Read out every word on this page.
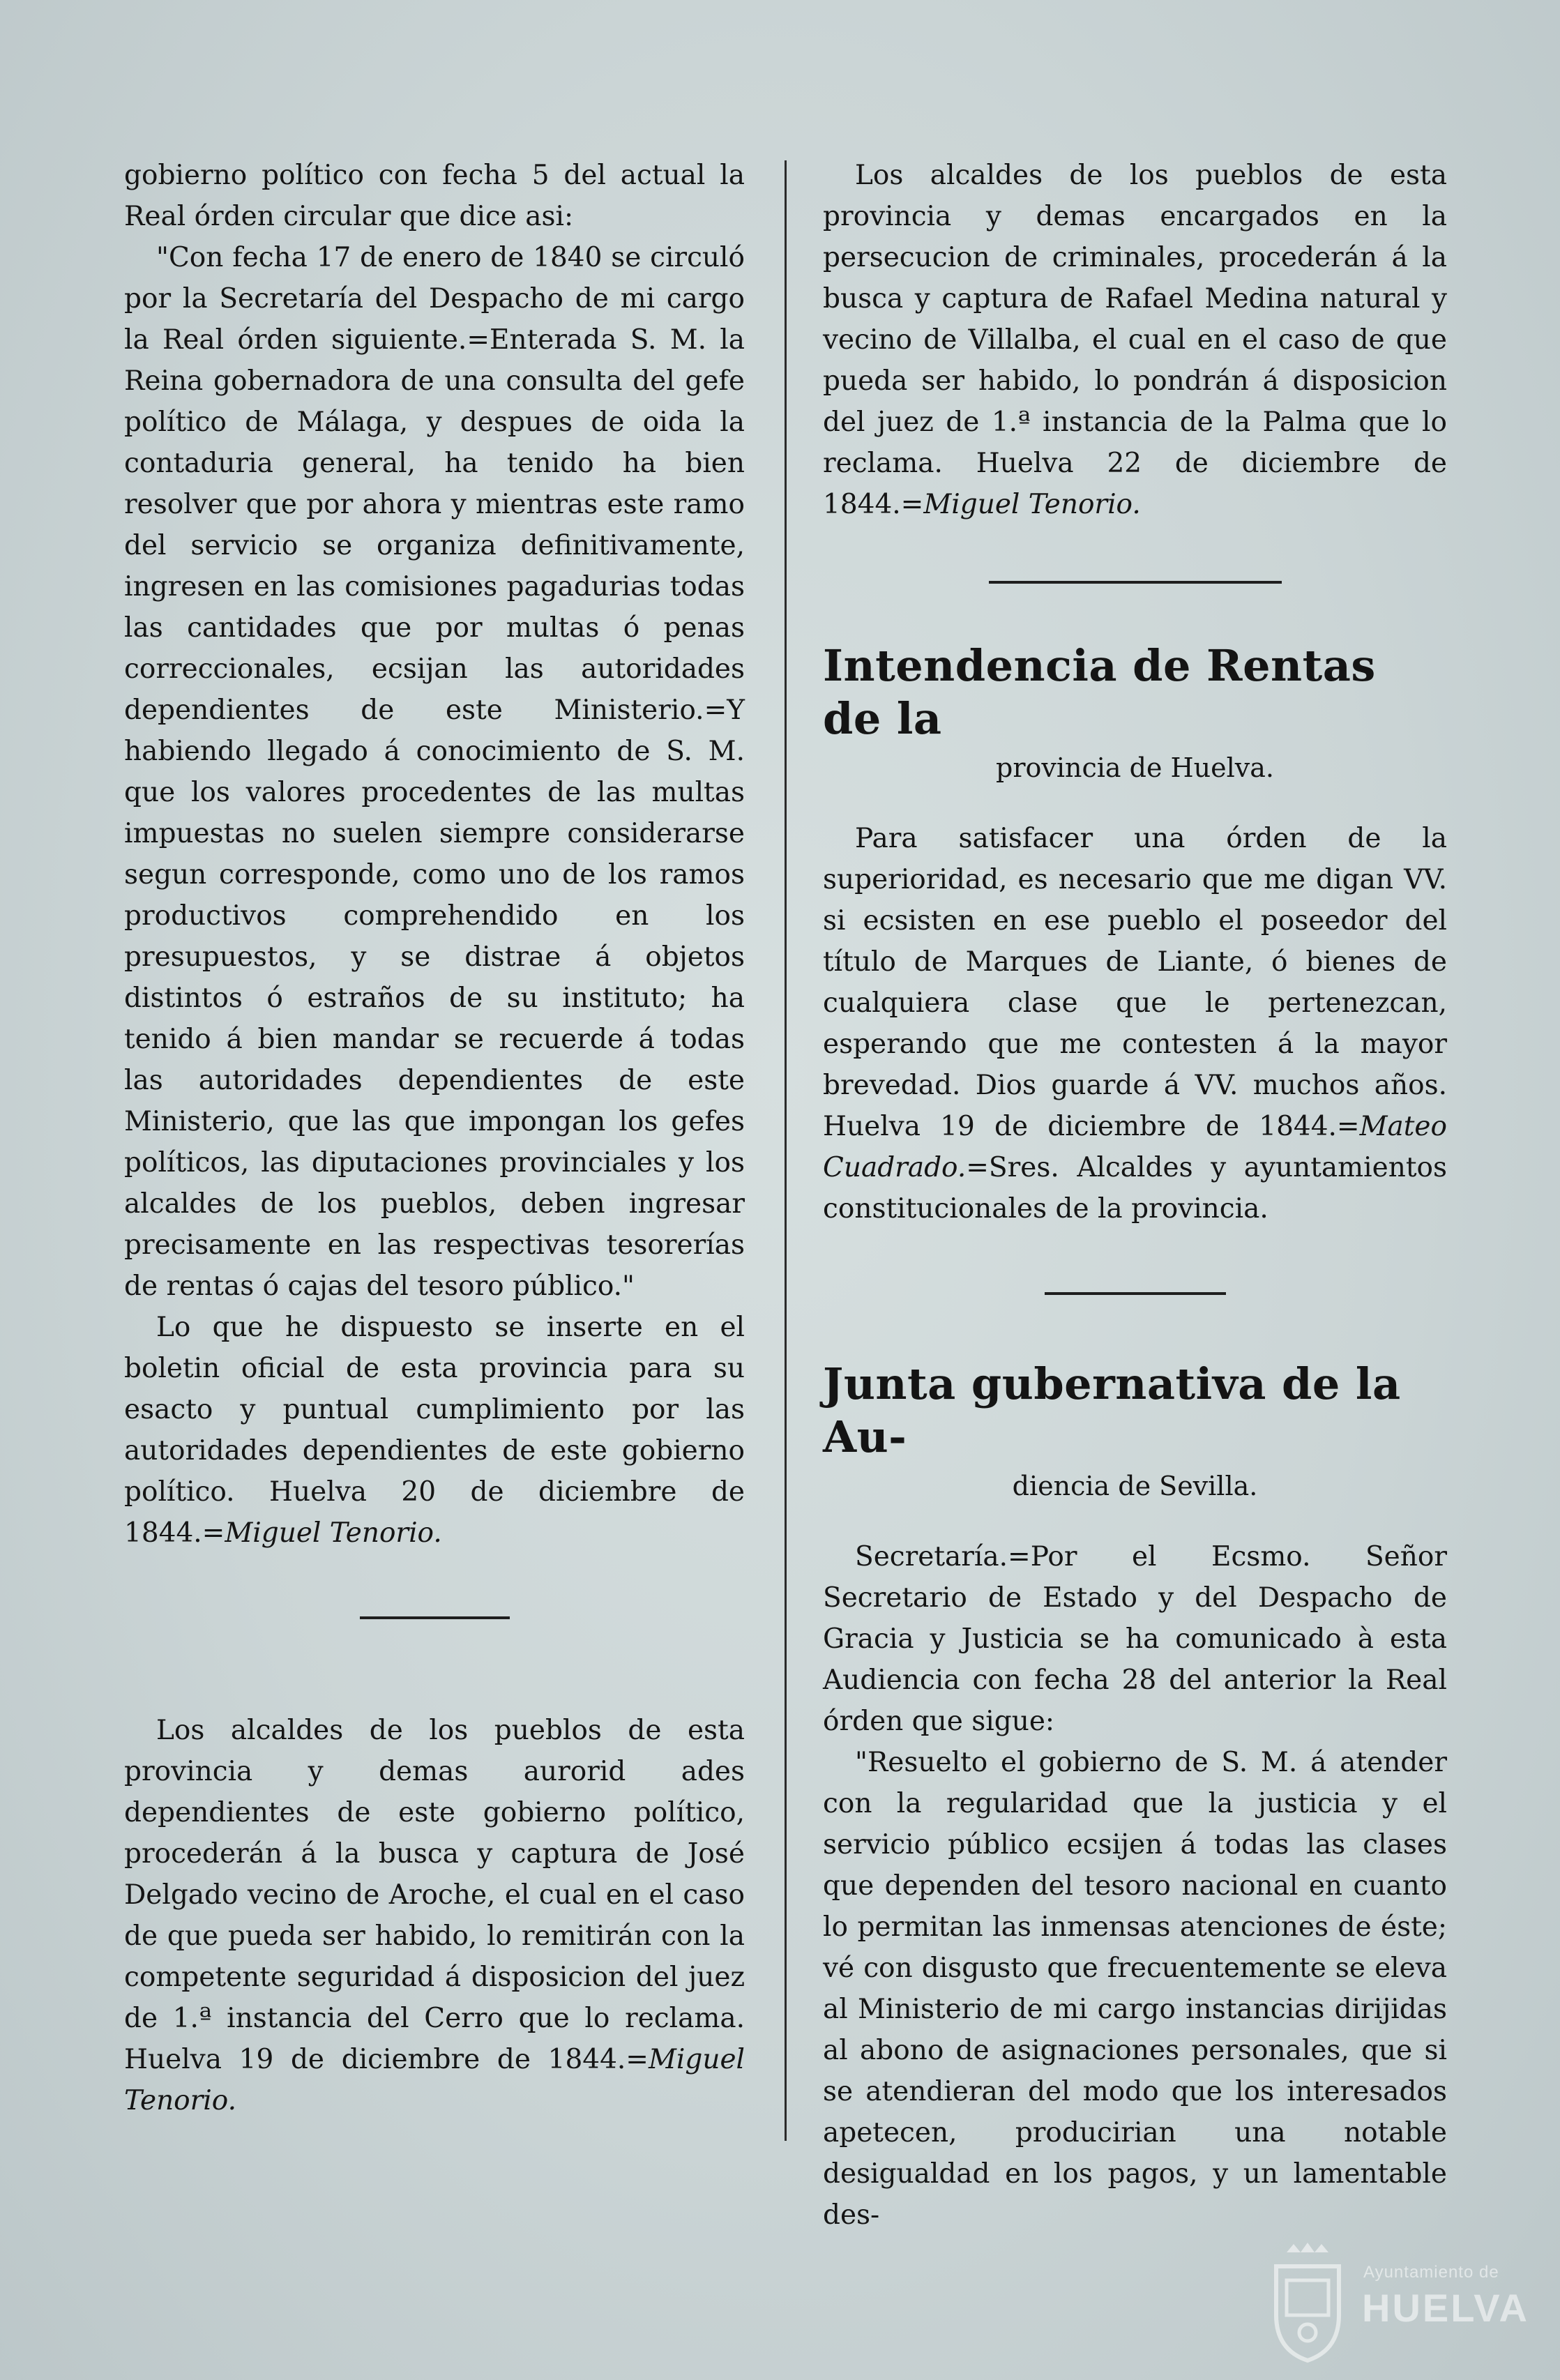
gobierno político con fecha 5 del actual la Real órden circular que dice asi:

"Con fecha 17 de enero de 1840 se circuló por la Secretaría del Despacho de mi cargo la Real órden siguiente.=Enterada S. M. la Reina gobernadora de una consulta del gefe político de Málaga, y despues de oida la contaduria general, ha tenido ha bien resolver que por ahora y mientras este ramo del servicio se organiza definitivamente, ingresen en las comisiones pagadurias todas las cantidades que por multas ó penas correccionales, ecsijan las autoridades dependientes de este Ministerio.=Y habiendo llegado á conocimiento de S. M. que los valores procedentes de las multas impuestas no suelen siempre considerarse segun corresponde, como uno de los ramos productivos comprehendido en los presupuestos, y se distrae á objetos distintos ó estraños de su instituto; ha tenido á bien mandar se recuerde á todas las autoridades dependientes de este Ministerio, que las que impongan los gefes políticos, las diputaciones provinciales y los alcaldes de los pueblos, deben ingresar precisamente en las respectivas tesorerías de rentas ó cajas del tesoro público."

Lo que he dispuesto se inserte en el boletin oficial de esta provincia para su esacto y puntual cumplimiento por las autoridades dependientes de este gobierno político. Huelva 20 de diciembre de 1844.=Miguel Tenorio.

Los alcaldes de los pueblos de esta provincia y demas aurorid ades dependientes de este gobierno político, procederán á la busca y captura de José Delgado vecino de Aroche, el cual en el caso de que pueda ser habido, lo remitirán con la competente seguridad á disposicion del juez de 1.ª instancia del Cerro que lo reclama. Huelva 19 de diciembre de 1844.=Miguel Tenorio.

Los alcaldes de los pueblos de esta provincia y demas encargados en la persecucion de criminales, procederán á la busca y captura de Rafael Medina natural y vecino de Villalba, el cual en el caso de que pueda ser habido, lo pondrán á disposicion del juez de 1.ª instancia de la Palma que lo reclama. Huelva 22 de diciembre de 1844.=Miguel Tenorio.

Intendencia de Rentas de la
provincia de Huelva.

Para satisfacer una órden de la superioridad, es necesario que me digan VV. si ecsisten en ese pueblo el poseedor del título de Marques de Liante, ó bienes de cualquiera clase que le pertenezcan, esperando que me contesten á la mayor brevedad. Dios guarde á VV. muchos años. Huelva 19 de diciembre de 1844.=Mateo Cuadrado.=Sres. Alcaldes y ayuntamientos constitucionales de la provincia.

Junta gubernativa de la Au-
diencia de Sevilla.

Secretaría.=Por el Ecsmo. Señor Secretario de Estado y del Despacho de Gracia y Justicia se ha comunicado à esta Audiencia con fecha 28 del anterior la Real órden que sigue:

"Resuelto el gobierno de S. M. á atender con la regularidad que la justicia y el servicio público ecsijen á todas las clases que dependen del tesoro nacional en cuanto lo permitan las inmensas atenciones de éste; vé con disgusto que frecuentemente se eleva al Ministerio de mi cargo instancias dirijidas al abono de asignaciones personales, que si se atendieran del modo que los interesados apetecen, producirian una notable desigualdad en los pagos, y un lamentable des-

Ayuntamiento de
HUELVA
